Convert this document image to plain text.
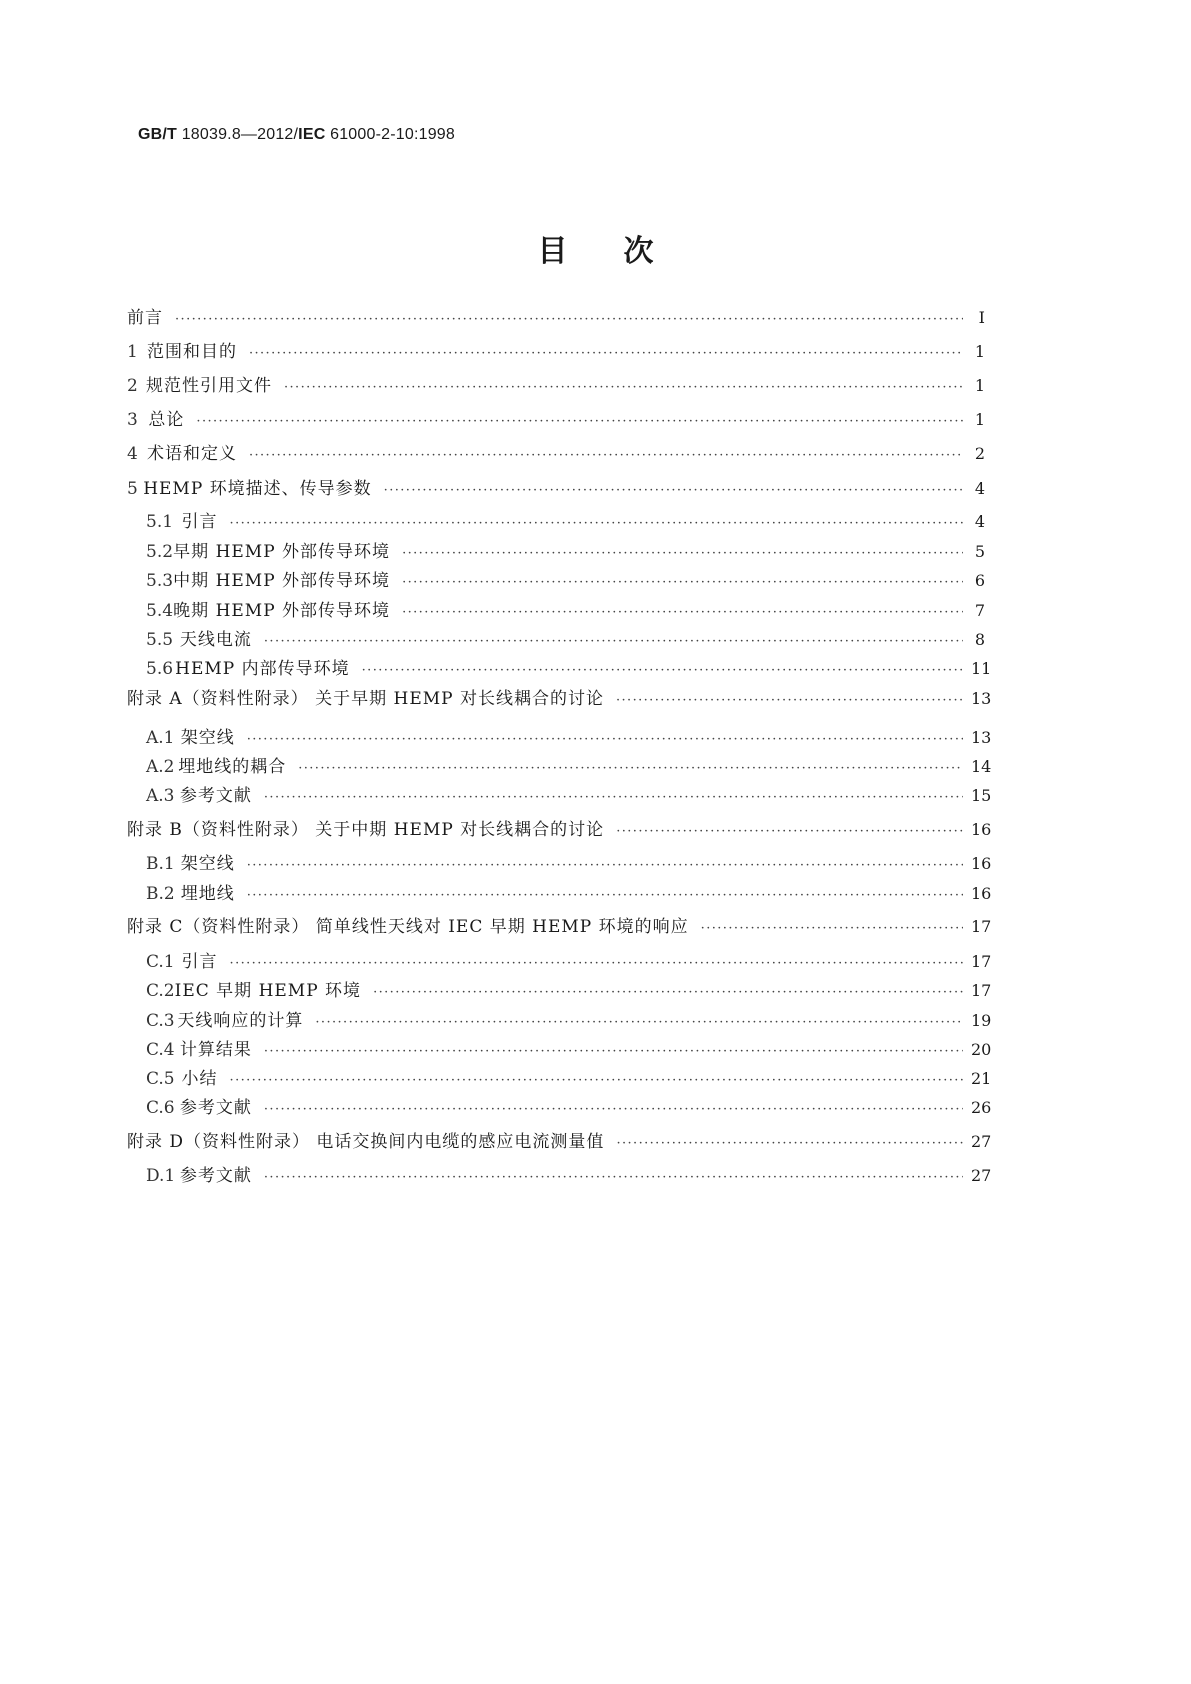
GB/T 18039.8—2012/IEC 61000-2-10:1998
目次
前言 ·····	Ⅰ
1 范围和目的 ·····	1
2 规范性引用文件 ·····	1
3 总论 ·····	1
4 术语和定义 ·····	2
5 HEMP 环境描述、传导参数 ·····	4
5.1 引言 ·····	4
5.2 早期 HEMP 外部传导环境 ·····	5
5.3 中期 HEMP 外部传导环境 ·····	6
5.4 晚期 HEMP 外部传导环境 ·····	7
5.5 天线电流 ·····	8
5.6 HEMP 内部传导环境 ·····	11
附录 A（资料性附录） 关于早期 HEMP 对长线耦合的讨论 ·····	13
A.1 架空线 ·····	13
A.2 埋地线的耦合 ·····	14
A.3 参考文献 ·····	15
附录 B（资料性附录） 关于中期 HEMP 对长线耦合的讨论 ·····	16
B.1 架空线 ·····	16
B.2 埋地线 ·····	16
附录 C（资料性附录） 简单线性天线对 IEC 早期 HEMP 环境的响应 ·····	17
C.1 引言 ·····	17
C.2 IEC 早期 HEMP 环境 ·····	17
C.3 天线响应的计算 ·····	19
C.4 计算结果 ·····	20
C.5 小结 ·····	21
C.6 参考文献 ·····	26
附录 D（资料性附录） 电话交换间内电缆的感应电流测量值 ·····	27
D.1 参考文献 ·····	27
